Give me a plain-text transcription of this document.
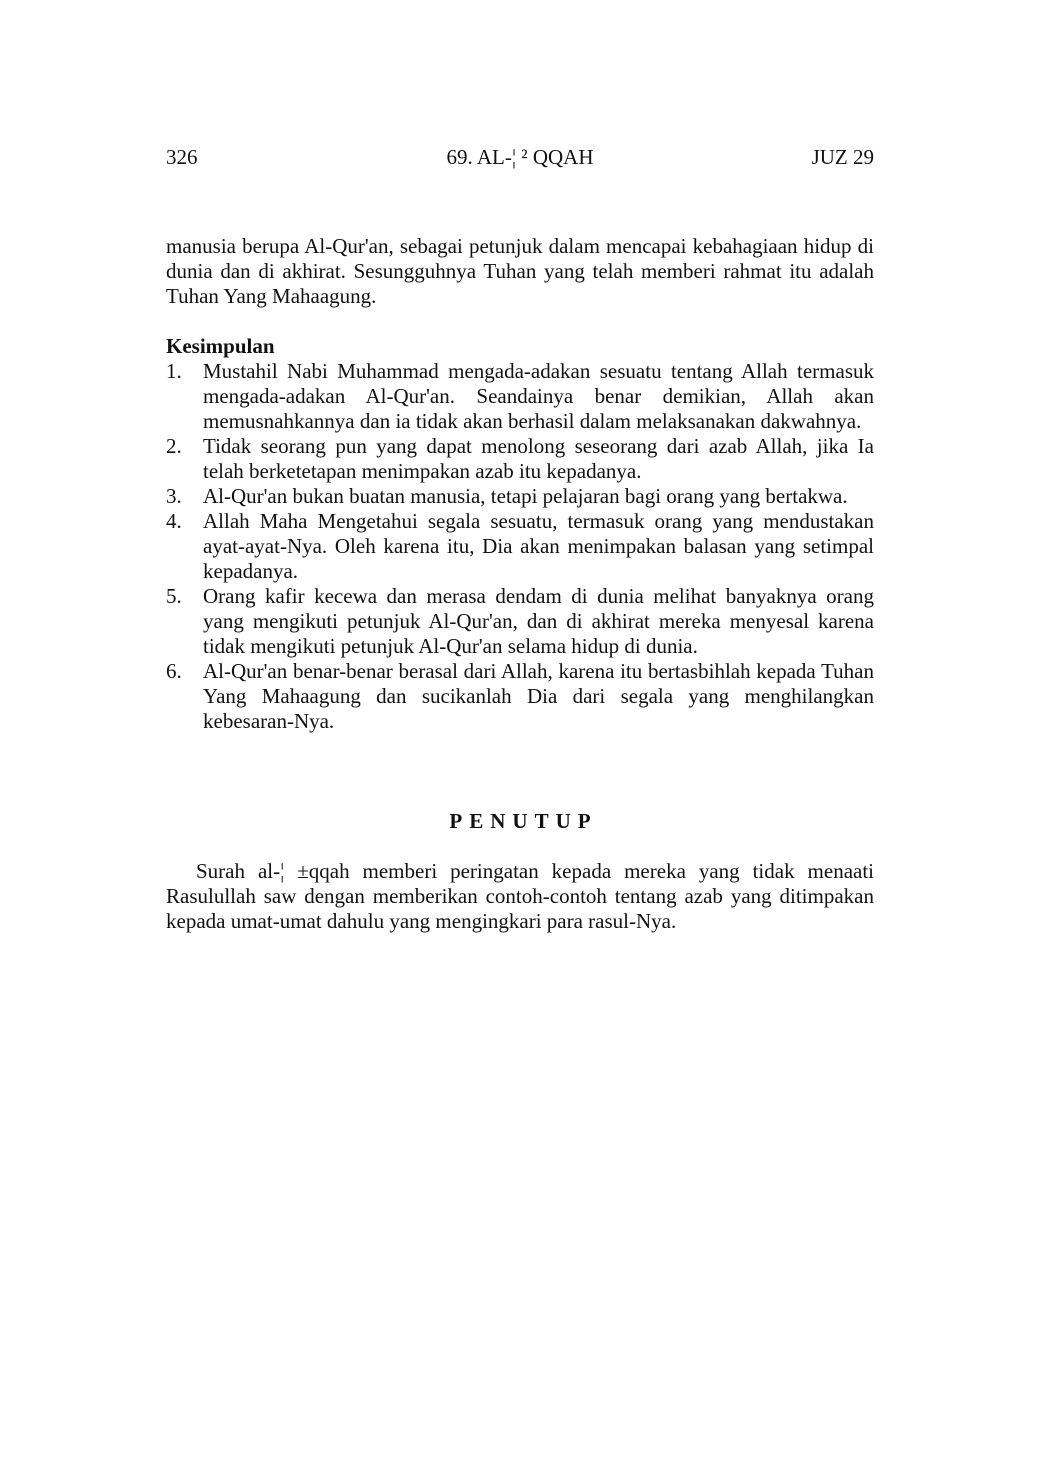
326	69. AL-¦ ² QQAH	JUZ 29

manusia berupa Al-Qur'an, sebagai petunjuk dalam mencapai kebahagiaan hidup di dunia dan di akhirat. Sesungguhnya Tuhan yang telah memberi rahmat itu adalah Tuhan Yang Mahaagung.

Kesimpulan
1. Mustahil Nabi Muhammad mengada-adakan sesuatu tentang Allah termasuk mengada-adakan Al-Qur'an. Seandainya benar demikian, Allah akan memusnahkannya dan ia tidak akan berhasil dalam melaksanakan dakwahnya.
2. Tidak seorang pun yang dapat menolong seseorang dari azab Allah, jika Ia telah berketetapan menimpakan azab itu kepadanya.
3. Al-Qur'an bukan buatan manusia, tetapi pelajaran bagi orang yang bertakwa.
4. Allah Maha Mengetahui segala sesuatu, termasuk orang yang mendustakan ayat-ayat-Nya. Oleh karena itu, Dia akan menimpakan balasan yang setimpal kepadanya.
5. Orang kafir kecewa dan merasa dendam di dunia melihat banyaknya orang yang mengikuti petunjuk Al-Qur'an, dan di akhirat mereka menyesal karena tidak mengikuti petunjuk Al-Qur'an selama hidup di dunia.
6. Al-Qur'an benar-benar berasal dari Allah, karena itu bertasbihlah kepada Tuhan Yang Mahaagung dan sucikanlah Dia dari segala yang menghilangkan kebesaran-Nya.
PENUTUP

Surah al-¦ ±qqah memberi peringatan kepada mereka yang tidak menaati Rasulullah saw dengan memberikan contoh-contoh tentang azab yang ditimpakan kepada umat-umat dahulu yang mengingkari para rasul-Nya.
